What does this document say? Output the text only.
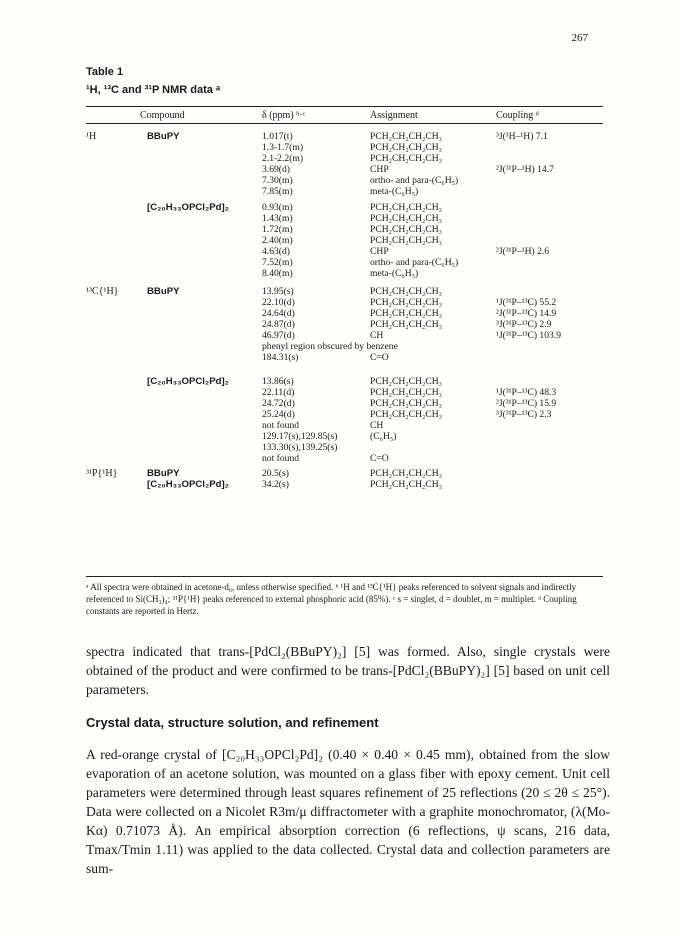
267
Table 1
¹H, ¹³C and ³¹P NMR data ᵃ
Compound	δ (ppm) ᵇ·ᶜ	Assignment	Coupling ᵈ
¹H	BBuPY	1.017(t)	PCH₂CH₂CH₂CH₃	³J(¹H–¹H) 7.1
1.3-1.7(m)	PCH₂CH₂CH₂CH₃
2.1-2.2(m)	PCH₂CH₂CH₂CH₃
3.69(d)	CHP	²J(³¹P–¹H) 14.7
7.30(m)	ortho- and para-(C₆H₅)
7.85(m)	meta-(C₆H₅)
[C₂₀H₃₃OPCl₂Pd]₂	0.93(m)	PCH₂CH₂CH₂CH₃
1.43(m)	PCH₂CH₂CH₂CH₃
1.72(m)	PCH₂CH₂CH₂CH₃
2.40(m)	PCH₂CH₂CH₂CH₃
4.63(d)	CHP	²J(³¹P–¹H) 2.6
7.52(m)	ortho- and para-(C₆H₅)
8.40(m)	meta-(C₆H₅)
¹³C{¹H}	BBuPY	13.95(s)	PCH₂CH₂CH₂CH₃
22.10(d)	PCH₂CH₂CH₂CH₃	¹J(³¹P–¹³C) 55.2
24.64(d)	PCH₂CH₂CH₂CH₃	²J(³¹P–¹³C) 14.9
24.87(d)	PCH₂CH₂CH₂CH₃	³J(³¹P–¹³C) 2.9
46.97(d)	CH	¹J(³¹P–¹³C) 103.9
phenyl region obscured by benzene
184.31(s)	C=O
[C₂₀H₃₃OPCl₂Pd]₂	13.86(s)	PCH₂CH₂CH₂CH₃
22.11(d)	PCH₂CH₂CH₂CH₃	¹J(³¹P–¹³C) 48.3
24.72(d)	PCH₂CH₂CH₂CH₃	²J(³¹P–¹³C) 15.9
25.24(d)	PCH₂CH₂CH₂CH₃	³J(³¹P–¹³C) 2.3
not found	CH
129.17(s),129.85(s)	(C₆H₅)
133.30(s),139.25(s)
not found	C=O
³¹P{¹H}	BBuPY	20.5(s)	PCH₂CH₂CH₂CH₃
[C₂₀H₃₃OPCl₂Pd]₂	34.2(s)	PCH₂CH₂CH₂CH₃
ᵃ All spectra were obtained in acetone-d₆, unless otherwise specified. ᵇ ¹H and ¹³C{¹H} peaks referenced to solvent signals and indirectly referenced to Si(CH₃)₄; ³¹P{¹H} peaks referenced to external phosphoric acid (85%). ᶜ s = singlet, d = doublet, m = multiplet. ᵈ Coupling constants are reported in Hertz.
spectra indicated that trans-[PdCl₂(BBuPY)₂] [5] was formed. Also, single crystals were obtained of the product and were confirmed to be trans-[PdCl₂(BBuPY)₂] [5] based on unit cell parameters.
Crystal data, structure solution, and refinement
A red-orange crystal of [C₂₀H₃₃OPCl₂Pd]₂ (0.40 × 0.40 × 0.45 mm), obtained from the slow evaporation of an acetone solution, was mounted on a glass fiber with epoxy cement. Unit cell parameters were determined through least squares refinement of 25 reflections (20 ≤ 2θ ≤ 25°). Data were collected on a Nicolet R3m/μ diffractometer with a graphite monochromator, (λ(Mo-Kα) 0.71073 Å). An empirical absorption correction (6 reflections, ψ scans, 216 data, Tmax/Tmin 1.11) was applied to the data collected. Crystal data and collection parameters are sum-
